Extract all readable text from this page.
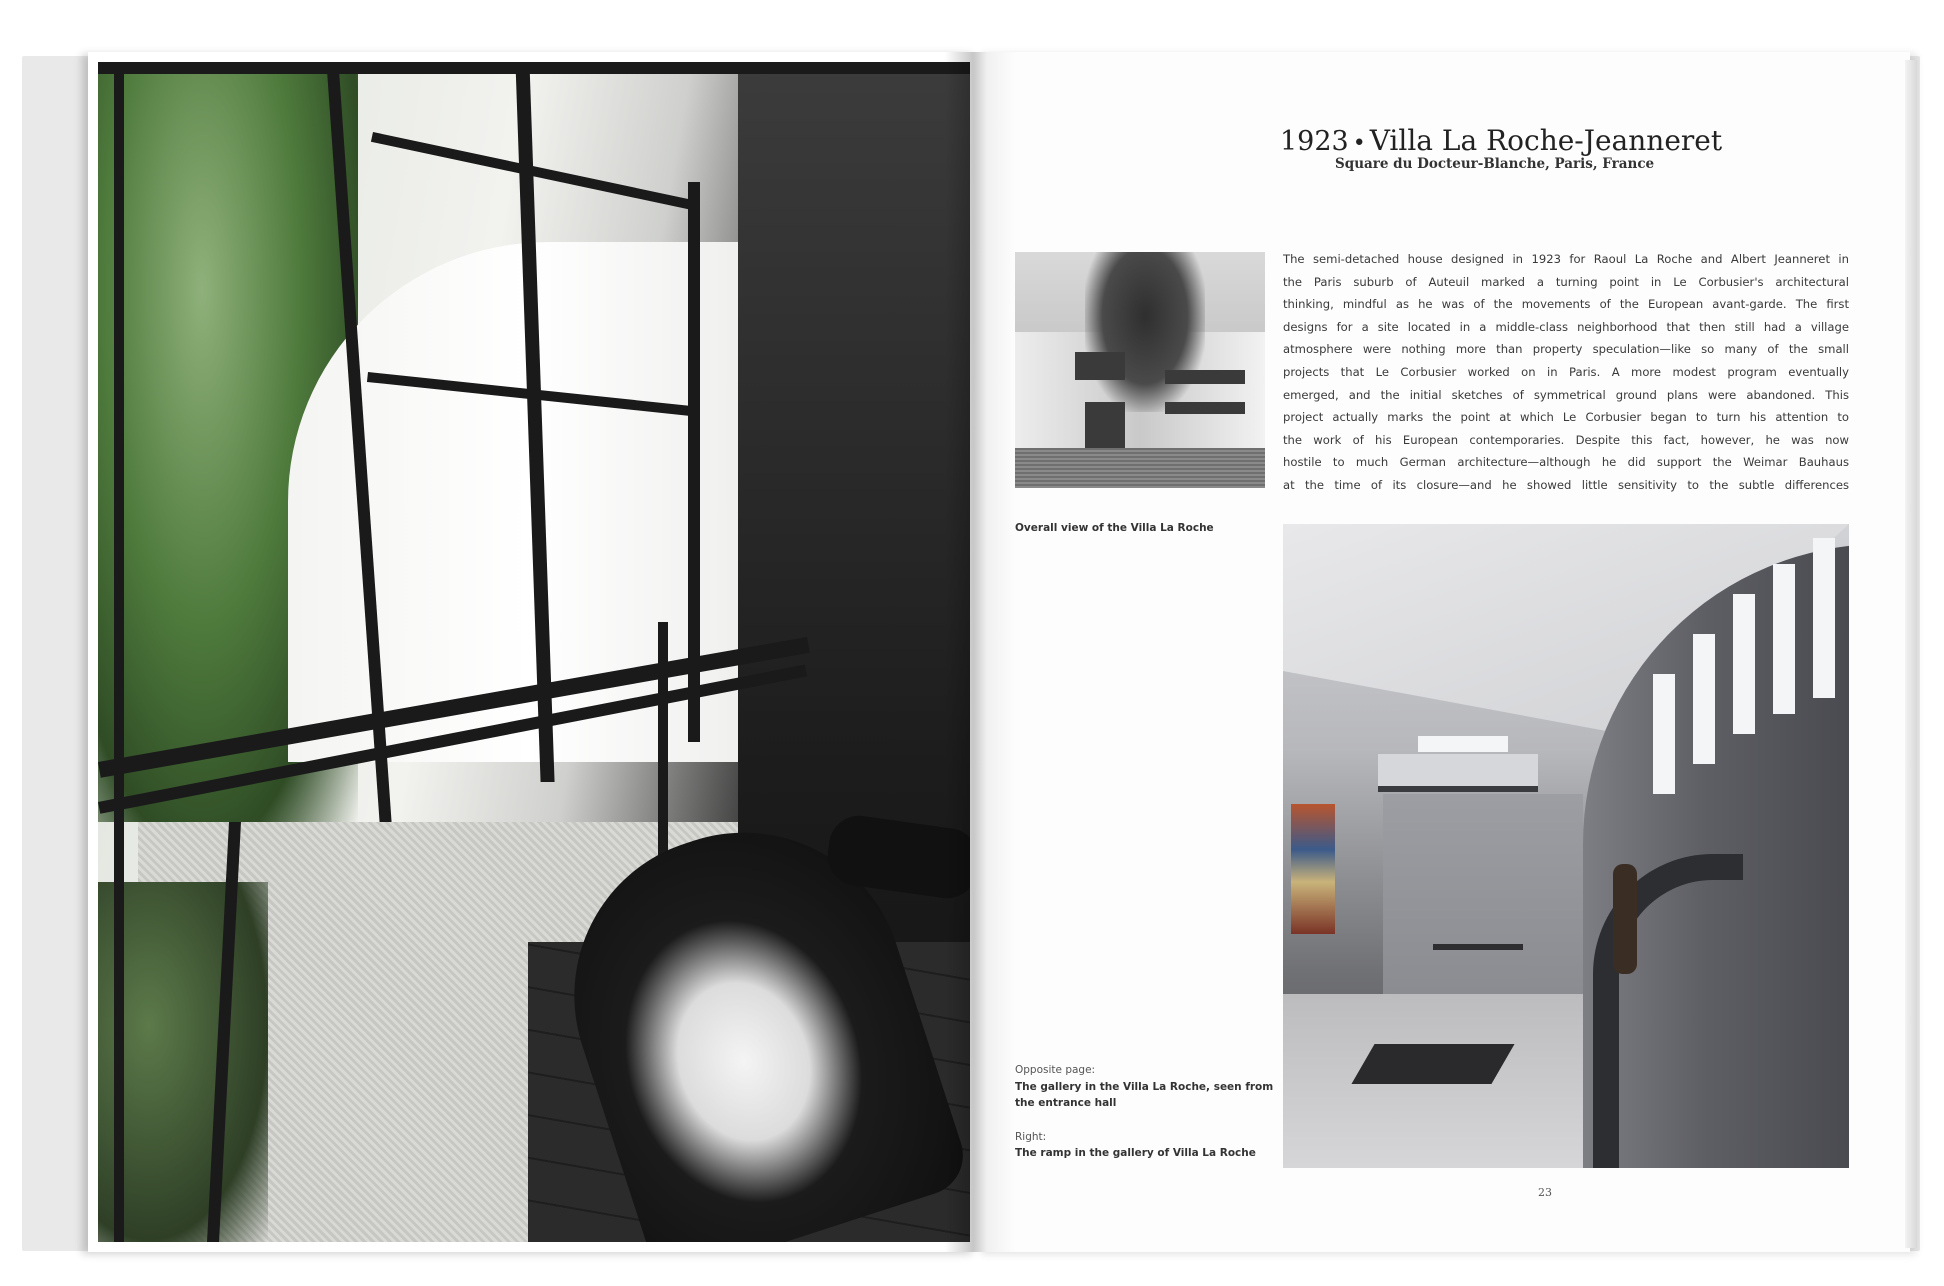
1923 • Villa La Roche-Jeanneret
Square du Docteur-Blanche, Paris, France
Overall view of the Villa La Roche
The semi-detached house designed in 1923 for Raoul La Roche and Albert Jeanneret in
the Paris suburb of Auteuil marked a turning point in Le Corbusier's architectural
thinking, mindful as he was of the movements of the European avant-garde. The first
designs for a site located in a middle-class neighborhood that then still had a village
atmosphere were nothing more than property speculation—like so many of the small
projects that Le Corbusier worked on in Paris. A more modest program eventually
emerged, and the initial sketches of symmetrical ground plans were abandoned. This
project actually marks the point at which Le Corbusier began to turn his attention to
the work of his European contemporaries. Despite this fact, however, he was now
hostile to much German architecture—although he did support the Weimar Bauhaus
at the time of its closure—and he showed little sensitivity to the subtle differences
Opposite page:
The gallery in the Villa La Roche, seen from
the entrance hall
Right:
The ramp in the gallery of Villa La Roche
23
